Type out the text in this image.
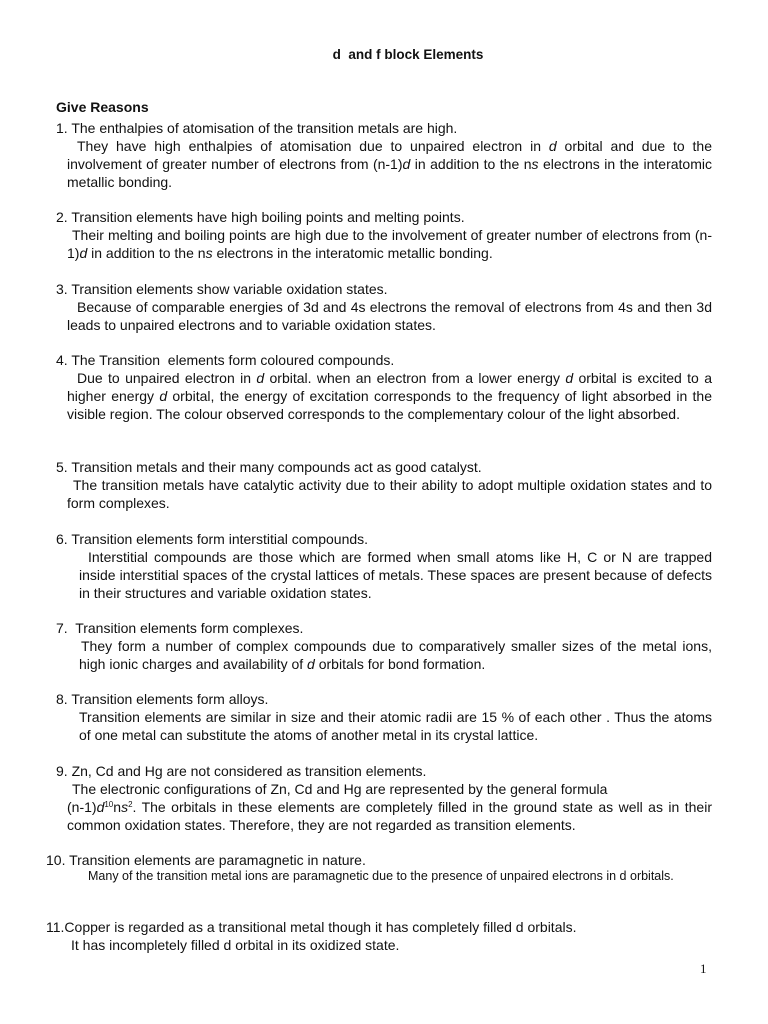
d  and f block Elements
Give Reasons
1. The enthalpies of atomisation of the transition metals are high.
They have high enthalpies of atomisation due to unpaired electron in d orbital and due to the involvement of greater number of electrons from (n-1)d in addition to the ns electrons in the interatomic metallic bonding.
2. Transition elements have high boiling points and melting points.
Their melting and boiling points are high due to the involvement of greater number of electrons from (n-1)d in addition to the ns electrons in the interatomic metallic bonding.
3. Transition elements show variable oxidation states.
Because of comparable energies of 3d and 4s electrons the removal of electrons from 4s and then 3d leads to unpaired electrons and to variable oxidation states.
4. The Transition  elements form coloured compounds.
Due to unpaired electron in d orbital. when an electron from a lower energy d orbital is excited to a higher energy d orbital, the energy of excitation corresponds to the frequency of light absorbed in the visible region. The colour observed corresponds to the complementary colour of the light absorbed.
5. Transition metals and their many compounds act as good catalyst.
The transition metals have catalytic activity due to their ability to adopt multiple oxidation states and to form complexes.
6. Transition elements form interstitial compounds.
Interstitial compounds are those which are formed when small atoms like H, C or N are trapped inside interstitial spaces of the crystal lattices of metals. These spaces are present because of defects in their structures and variable oxidation states.
7.  Transition elements form complexes.
They form a number of complex compounds due to comparatively smaller sizes of the metal ions, high ionic charges and availability of d orbitals for bond formation.
8. Transition elements form alloys.
Transition elements are similar in size and their atomic radii are 15 % of each other . Thus the atoms of one metal can substitute the atoms of another metal in its crystal lattice.
9. Zn, Cd and Hg are not considered as transition elements.
The electronic configurations of Zn, Cd and Hg are represented by the general formula
$(n-1)d^{10}ns^2$. The orbitals in these elements are completely filled in the ground state as well as in their common oxidation states. Therefore, they are not regarded as transition elements.
10. Transition elements are paramagnetic in nature.
Many of the transition metal ions are paramagnetic due to the presence of unpaired electrons in d orbitals.
11.Copper is regarded as a transitional metal though it has completely filled d orbitals.
It has incompletely filled d orbital in its oxidized state.
1
